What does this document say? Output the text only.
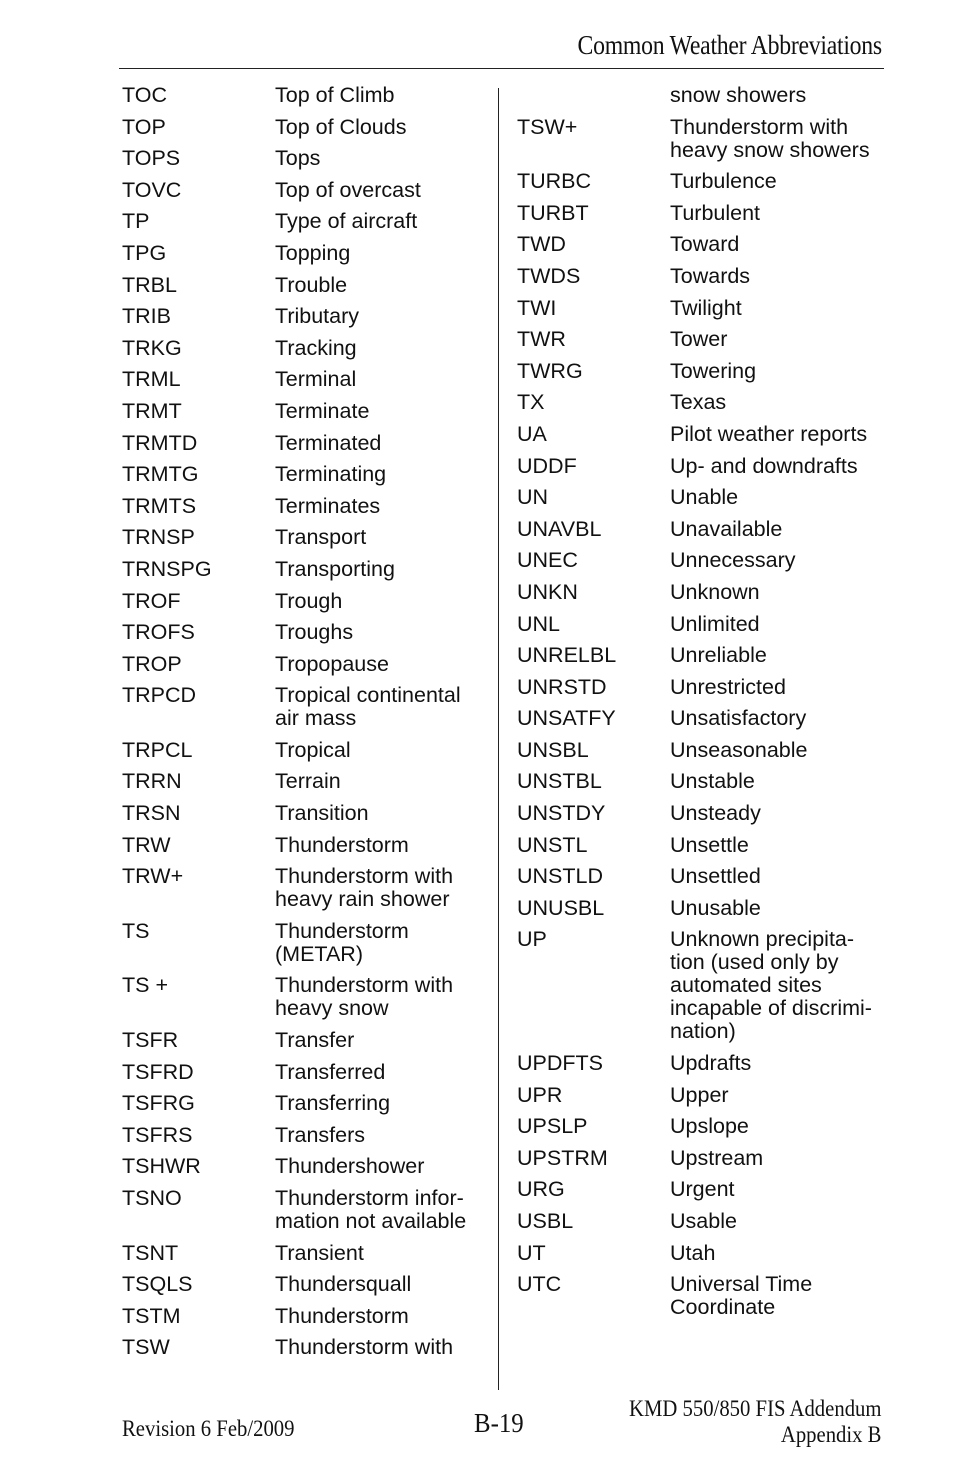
Common Weather Abbreviations
TOC	Top of Climb
TOP	Top of Clouds
TOPS	Tops
TOVC	Top of overcast
TP	Type of aircraft
TPG	Topping
TRBL	Trouble
TRIB	Tributary
TRKG	Tracking
TRML	Terminal
TRMT	Terminate
TRMTD	Terminated
TRMTG	Terminating
TRMTS	Terminates
TRNSP	Transport
TRNSPG	Transporting
TROF	Trough
TROFS	Troughs
TROP	Tropopause
TRPCD	Tropical continental
air mass
TRPCL	Tropical
TRRN	Terrain
TRSN	Transition
TRW	Thunderstorm
TRW+	Thunderstorm with
heavy rain shower
TS	Thunderstorm
(METAR)
TS +	Thunderstorm with
heavy snow
TSFR	Transfer
TSFRD	Transferred
TSFRG	Transferring
TSFRS	Transfers
TSHWR	Thundershower
TSNO	Thunderstorm infor-
mation not available
TSNT	Transient
TSQLS	Thundersquall
TSTM	Thunderstorm
TSW	Thunderstorm with
snow showers
TSW+	Thunderstorm with
heavy snow showers
TURBC	Turbulence
TURBT	Turbulent
TWD	Toward
TWDS	Towards
TWI	Twilight
TWR	Tower
TWRG	Towering
TX	Texas
UA	Pilot weather reports
UDDF	Up- and downdrafts
UN	Unable
UNAVBL	Unavailable
UNEC	Unnecessary
UNKN	Unknown
UNL	Unlimited
UNRELBL	Unreliable
UNRSTD	Unrestricted
UNSATFY	Unsatisfactory
UNSBL	Unseasonable
UNSTBL	Unstable
UNSTDY	Unsteady
UNSTL	Unsettle
UNSTLD	Unsettled
UNUSBL	Unusable
UP	Unknown precipita-
tion (used only by
automated sites
incapable of discrimi-
nation)
UPDFTS	Updrafts
UPR	Upper
UPSLP	Upslope
UPSTRM	Upstream
URG	Urgent
USBL	Usable
UT	Utah
UTC	Universal Time
Coordinate
Revision 6 Feb/2009	B-19	KMD 550/850 FIS Addendum
Appendix B
